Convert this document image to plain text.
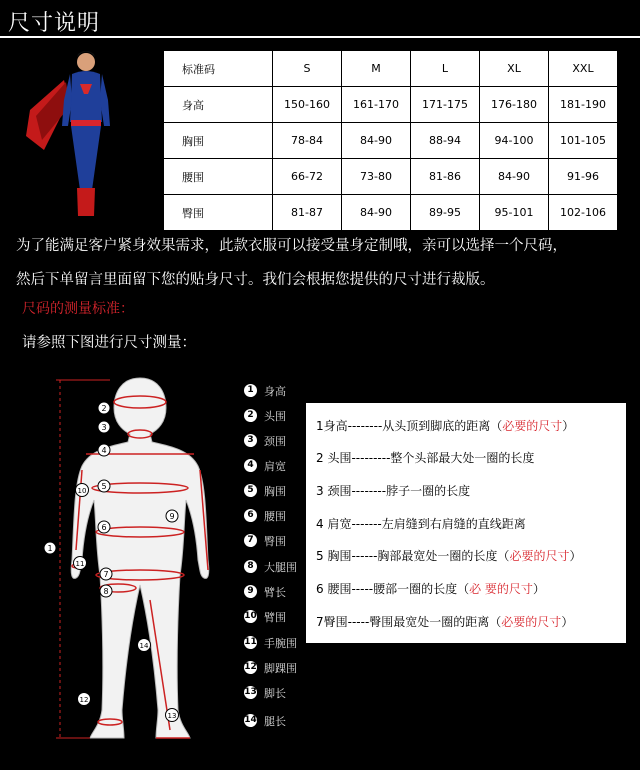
尺寸说明
标准码	S	M	L	XL	XXL
身高	150-160	161-170	171-175	176-180	181-190
胸围	78-84	84-90	88-94	94-100	101-105
腰围	66-72	73-80	81-86	84-90	91-96
臀围	81-87	84-90	89-95	95-101	102-106
为了能满足客户紧身效果需求，此款衣服可以接受量身定制哦，亲可以选择一个尺码，
然后下单留言里面留下您的贴身尺寸。我们会根据您提供的尺寸进行裁版。
尺码的测量标准：
请参照下图进行尺寸测量：
1
2
3
4
5
6
7
8
9
10
11
12
13
14
1 身高
2 头围
3 颈围
4 肩宽
5 胸围
6 腰围
7 臀围
8 大腿围
9 臂长
10 臂围
11 手腕围
12 脚踝围
13 脚长
14 腿长
1身高--------从头顶到脚底的距离（必要的尺寸）
2 头围---------整个头部最大处一圈的长度
3 颈围--------脖子一圈的长度
4 肩宽-------左肩缝到右肩缝的直线距离
5 胸围------胸部最宽处一圈的长度（必要的尺寸）
6 腰围-----腰部一圈的长度（必 要的尺寸）
7臀围-----臀围最宽处一圈的距离（必要的尺寸）
